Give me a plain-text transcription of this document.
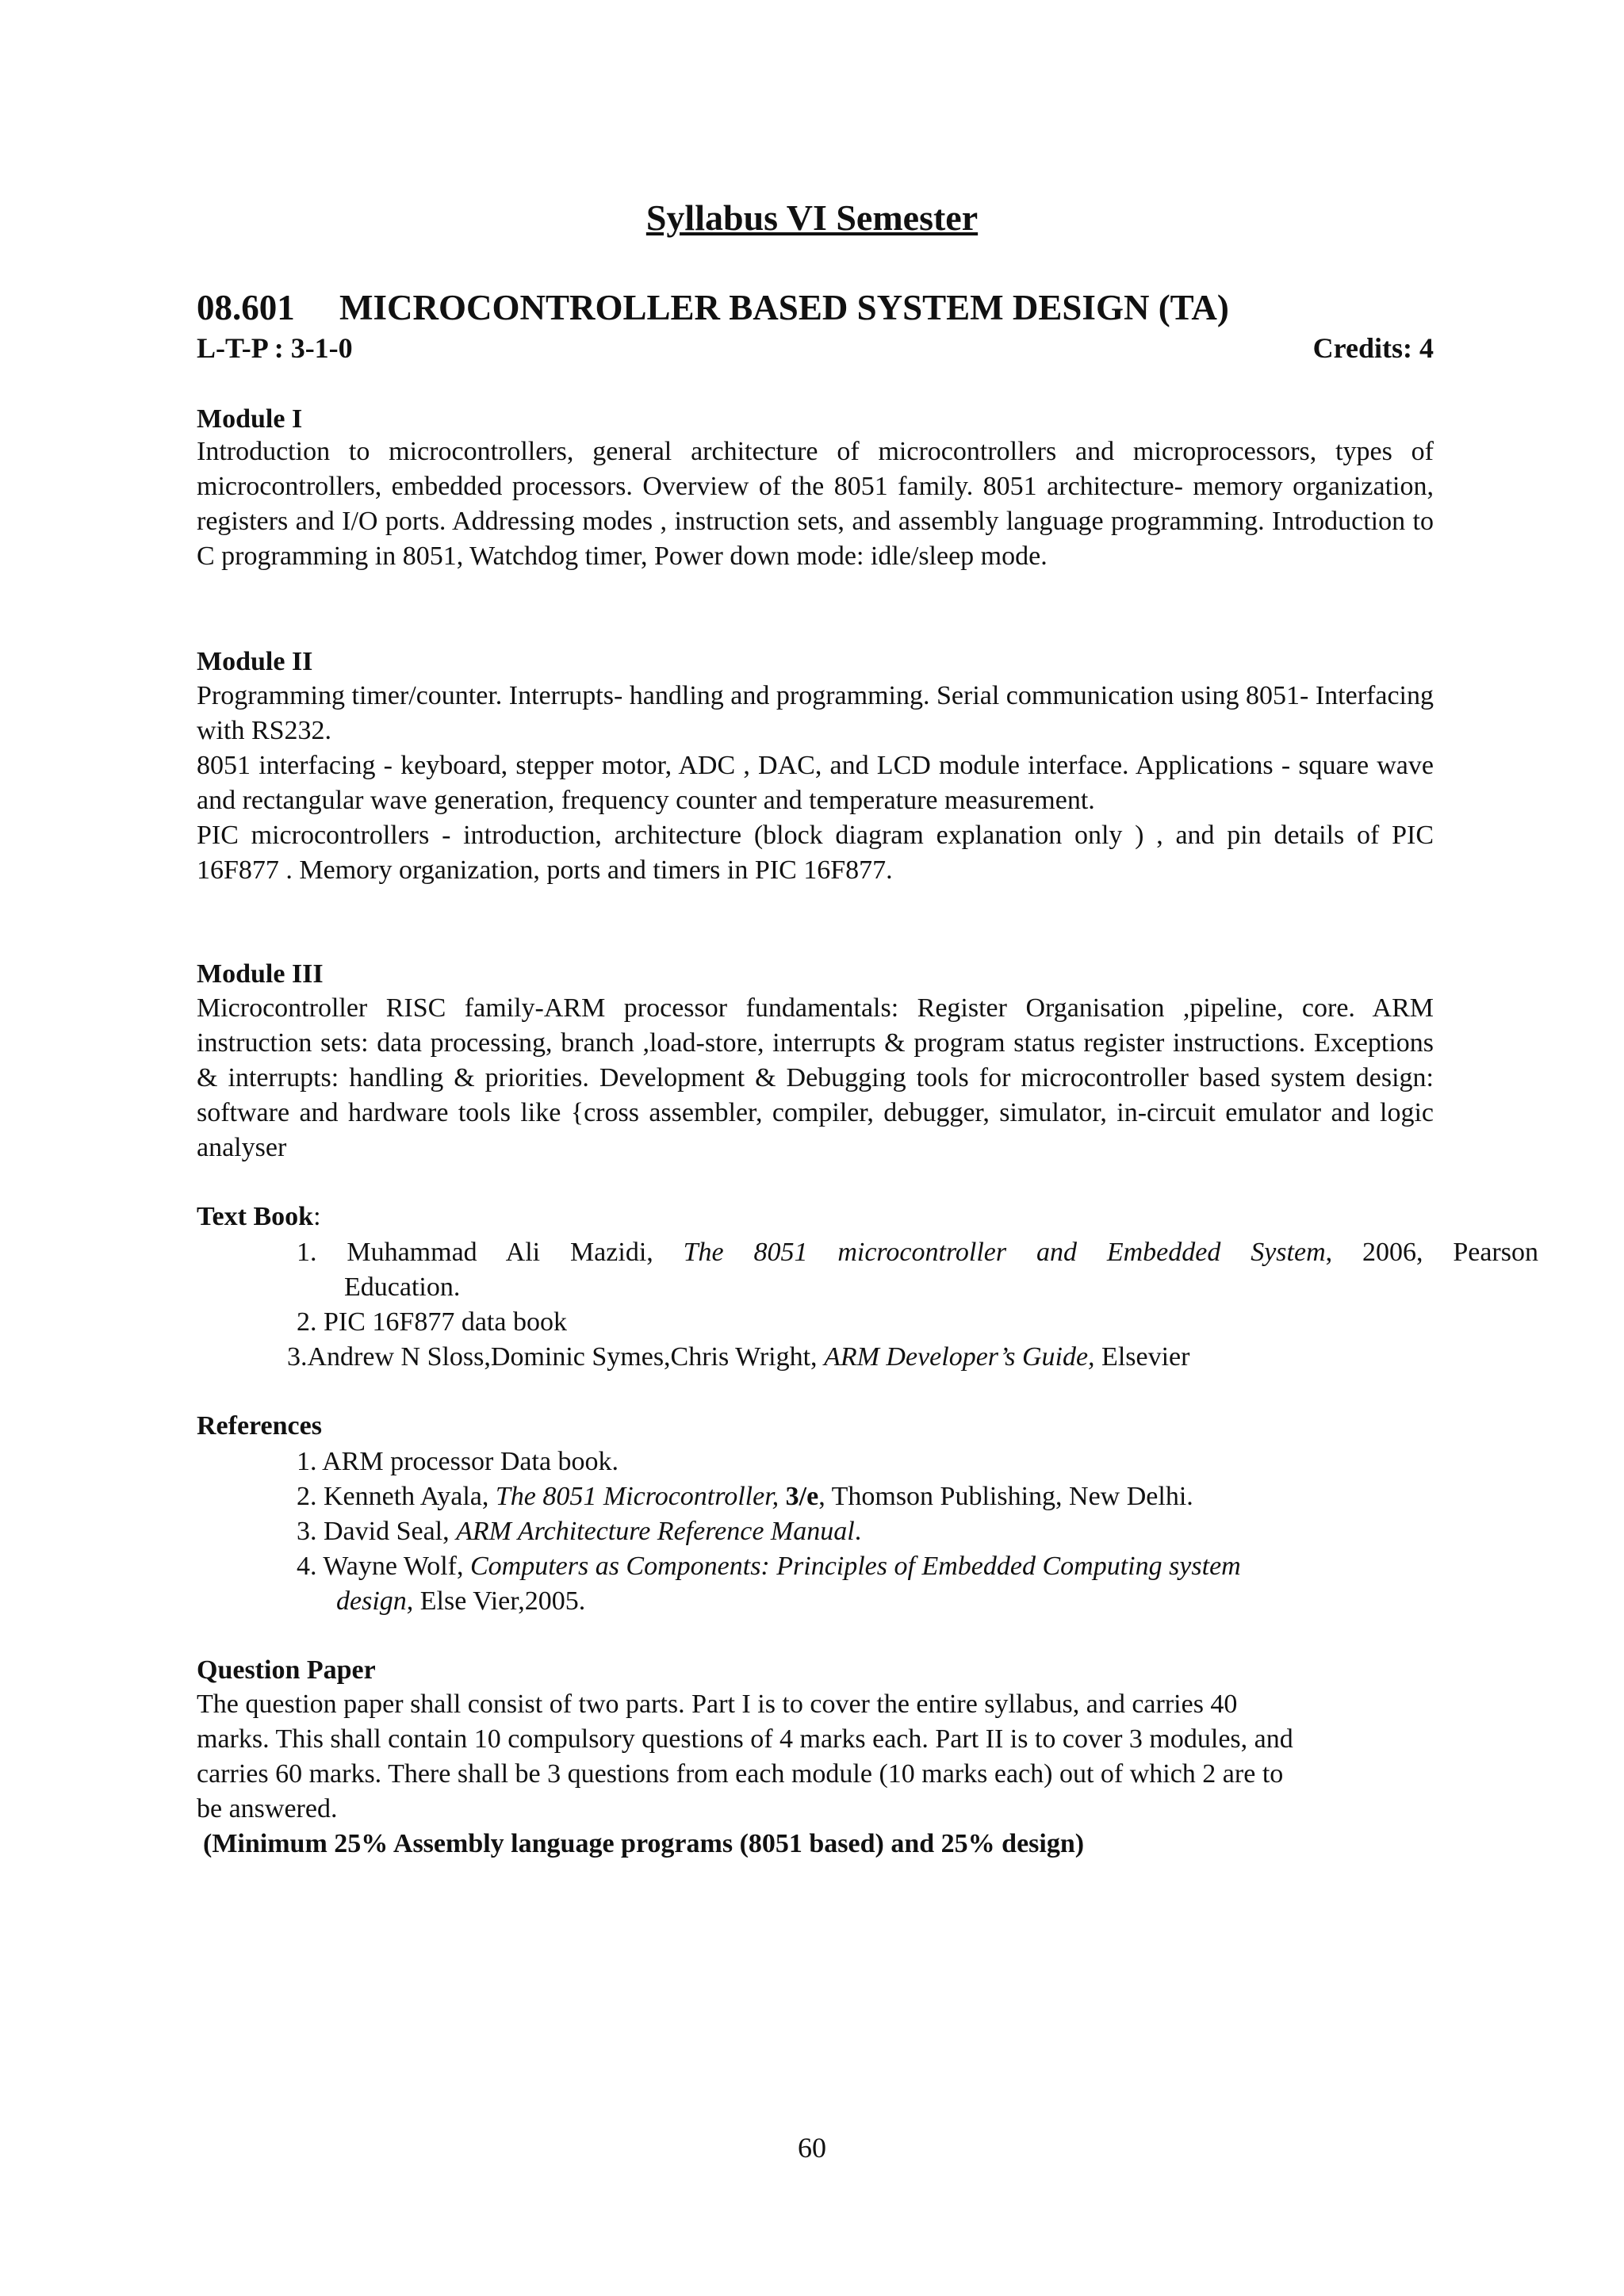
Syllabus VI Semester
08.601 MICROCONTROLLER BASED SYSTEM DESIGN (TA)
L-T-P : 3-1-0	Credits: 4
Module I

Introduction to microcontrollers, general architecture of microcontrollers and microprocessors, types of microcontrollers, embedded processors. Overview of the 8051 family. 8051 architecture- memory organization, registers and I/O ports. Addressing modes , instruction sets, and assembly language programming. Introduction to C programming in 8051, Watchdog timer, Power down mode: idle/sleep mode.

Module II

Programming timer/counter. Interrupts- handling and programming. Serial communication using 8051- Interfacing with RS232.

8051 interfacing - keyboard, stepper motor, ADC , DAC, and LCD module interface. Applications - square wave and rectangular wave generation, frequency counter and temperature measurement.

PIC microcontrollers - introduction, architecture (block diagram explanation only ) , and pin details of PIC 16F877 . Memory organization, ports and timers in PIC 16F877.

Module III

Microcontroller RISC family-ARM processor fundamentals: Register Organisation ,pipeline, core. ARM instruction sets: data processing, branch ,load-store, interrupts & program status register instructions. Exceptions & interrupts: handling & priorities. Development & Debugging tools for microcontroller based system design: software and hardware tools like {cross assembler, compiler, debugger, simulator, in-circuit emulator and logic analyser

Text Book:
1. Muhammad Ali Mazidi, The 8051 microcontroller and Embedded System, 2006, Pearson
Education.
2. PIC 16F877 data book
3.Andrew N Sloss,Dominic Symes,Chris Wright, ARM Developer’s Guide, Elsevier
References
1. ARM processor Data book.
2. Kenneth Ayala, The 8051 Microcontroller, 3/e, Thomson Publishing, New Delhi.
3. David Seal, ARM Architecture Reference Manual.
4. Wayne Wolf, Computers as Components: Principles of Embedded Computing system
design, Else Vier,2005.
Question Paper
The question paper shall consist of two parts. Part I is to cover the entire syllabus, and carries 40
marks. This shall contain 10 compulsory questions of 4 marks each. Part II is to cover 3 modules, and
carries 60 marks. There shall be 3 questions from each module (10 marks each) out of which 2 are to
be answered.
(Minimum 25% Assembly language programs (8051 based) and 25% design)
60
